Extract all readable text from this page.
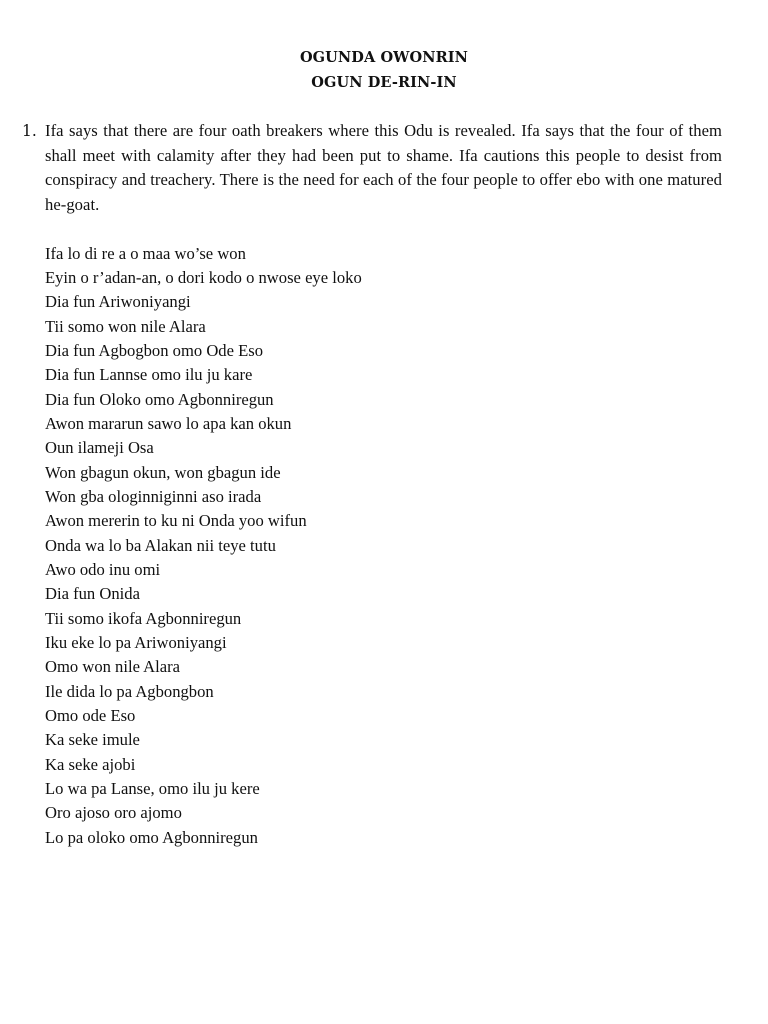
OGUNDA OWONRIN
OGUN DE-RIN-IN
1. Ifa says that there are four oath breakers where this Odu is revealed. Ifa says that the four of them shall meet with calamity after they had been put to shame. Ifa cautions this people to desist from conspiracy and treachery. There is the need for each of the four people to offer ebo with one matured he-goat.

Ifa lo di re a o maa wo’se won
Eyin o r’adan-an, o dori kodo o nwose eye loko
Dia fun Ariwoniyangi
Tii somo won nile Alara
Dia fun Agbogbon omo Ode Eso
Dia fun Lannse omo ilu ju kare
Dia fun Oloko omo Agbonniregun
Awon mararun sawo lo apa kan okun
Oun ilameji Osa
Won gbagun okun, won gbagun ide
Won gba ologinniginni aso irada
Awon mererin to ku ni Onda yoo wifun
Onda wa lo ba Alakan nii teye tutu
Awo odo inu omi
Dia fun Onida
Tii somo ikofa Agbonniregun
Iku eke lo pa Ariwoniyangi
Omo won nile Alara
Ile dida lo pa Agbongbon
Omo ode Eso
Ka seke imule
Ka seke ajobi
Lo wa pa Lanse, omo ilu ju kere
Oro ajoso oro ajomo
Lo pa oloko omo Agbonniregun
